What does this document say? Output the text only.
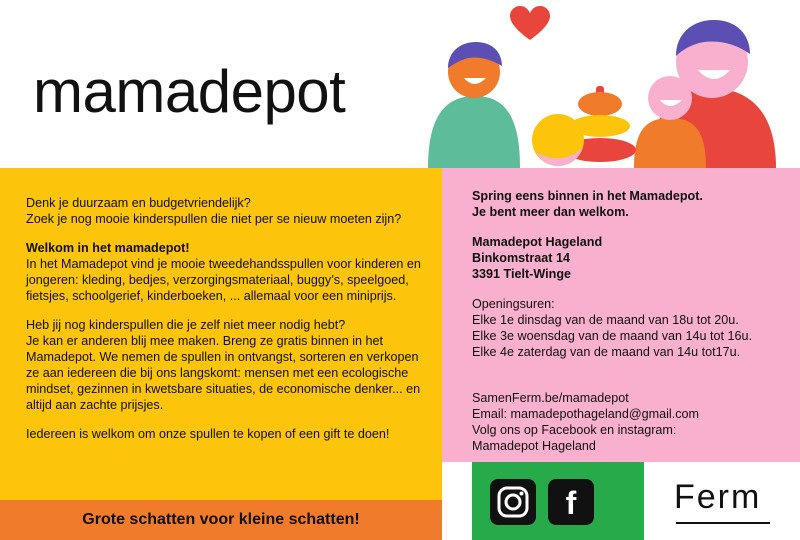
mamadepot

Denk je duurzaam en budgetvriendelijk?
Zoek je nog mooie kinderspullen die niet per se nieuw moeten zijn?

Welkom in het mamadepot!
In het Mamadepot vind je mooie tweedehandsspullen voor kinderen en jongeren: kleding, bedjes, verzorgingsmateriaal, buggy’s, speelgoed, fietsjes, schoolgerief, kinderboeken, ... allemaal voor een miniprijs.

Heb jij nog kinderspullen die je zelf niet meer nodig hebt?
Je kan er anderen blij mee maken. Breng ze gratis binnen in het Mamadepot. We nemen de spullen in ontvangst, sorteren en verkopen ze aan iedereen die bij ons langskomt: mensen met een ecologische mindset, gezinnen in kwetsbare situaties, de economische denker... en altijd aan zachte prijsjes.

Iedereen is welkom om onze spullen te kopen of een gift te doen!

Grote schatten voor kleine schatten!

Spring eens binnen in het Mamadepot.
Je bent meer dan welkom.

Mamadepot Hageland
Binkomstraat 14
3391 Tielt-Winge

Openingsuren:
Elke 1e dinsdag van de maand van 18u tot 20u.
Elke 3e woensdag van de maand van 14u tot 16u.
Elke 4e zaterdag van de maand van 14u tot17u.

SamenFerm.be/mamadepot
Email: mamadepothageland@gmail.com
Volg ons op Facebook en instagram:
Mamadepot Hageland

f	Ferm
